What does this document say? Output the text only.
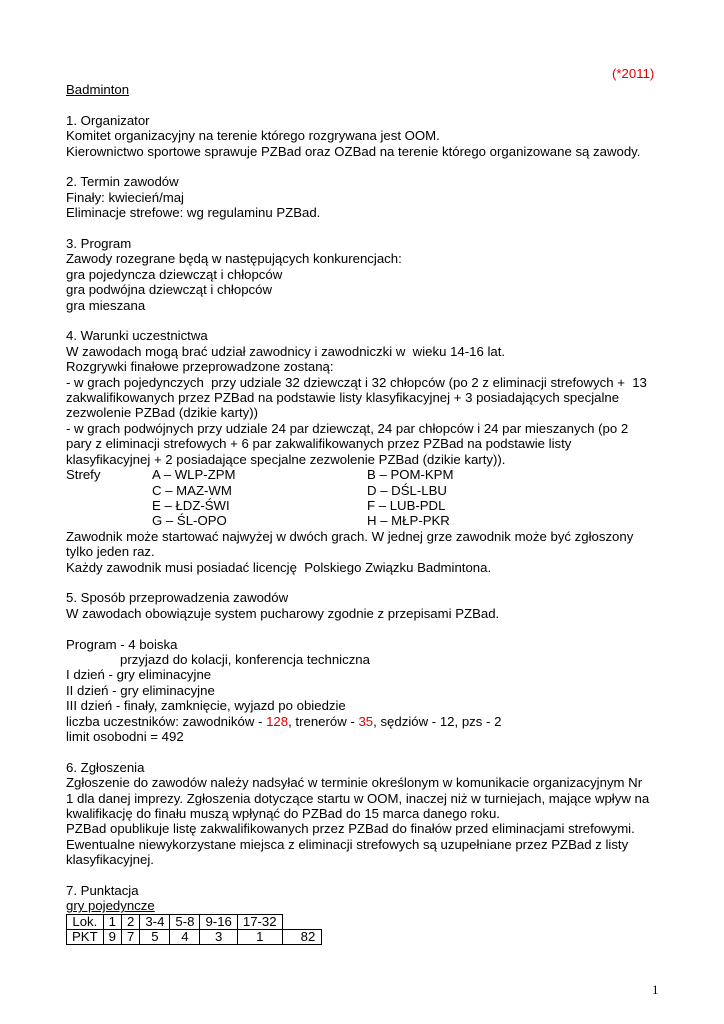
(*2011)
Badminton
1. Organizator
Komitet organizacyjny na terenie którego rozgrywana jest OOM.
Kierownictwo sportowe sprawuje PZBad oraz OZBad na terenie którego organizowane są zawody.
2. Termin zawodów
Finały: kwiecień/maj
Eliminacje strefowe: wg regulaminu PZBad.
3. Program
Zawody rozegrane będą w następujących konkurencjach:
gra pojedyncza dziewcząt i chłopców
gra podwójna dziewcząt i chłopców
gra mieszana
4. Warunki uczestnictwa
W zawodach mogą brać udział zawodnicy i zawodniczki w  wieku 14-16 lat.
Rozgrywki finałowe przeprowadzone zostaną:
- w grach pojedynczych  przy udziale 32 dziewcząt i 32 chłopców (po 2 z eliminacji strefowych +  13
zakwalifikowanych przez PZBad na podstawie listy klasyfikacyjnej + 3 posiadających specjalne
zezwolenie PZBad (dzikie karty))
- w grach podwójnych przy udziale 24 par dziewcząt, 24 par chłopców i 24 par mieszanych (po 2
pary z eliminacji strefowych + 6 par zakwalifikowanych przez PZBad na podstawie listy
klasyfikacyjnej + 2 posiadające specjalne zezwolenie PZBad (dzikie karty)).
Strefy	A – WLP-ZPM	B – POM-KPM
C – MAZ-WM	D – DŚL-LBU
E – ŁDZ-ŚWI	F – LUB-PDL
G – ŚL-OPO	H – MŁP-PKR
Zawodnik może startować najwyżej w dwóch grach. W jednej grze zawodnik może być zgłoszony
tylko jeden raz.
Każdy zawodnik musi posiadać licencję  Polskiego Związku Badmintona.
5. Sposób przeprowadzenia zawodów
W zawodach obowiązuje system pucharowy zgodnie z przepisami PZBad.
Program - 4 boiska
przyjazd do kolacji, konferencja techniczna
I dzień - gry eliminacyjne
II dzień - gry eliminacyjne
III dzień - finały, zamknięcie, wyjazd po obiedzie
liczba uczestników: zawodników - 128, trenerów - 35, sędziów - 12, pzs - 2
limit osobodni = 492
6. Zgłoszenia
Zgłoszenie do zawodów należy nadsyłać w terminie określonym w komunikacie organizacyjnym Nr
1 dla danej imprezy. Zgłoszenia dotyczące startu w OOM, inaczej niż w turniejach, mające wpływ na
kwalifikację do finału muszą wpłynąć do PZBad do 15 marca danego roku.
PZBad opublikuje listę zakwalifikowanych przez PZBad do finałów przed eliminacjami strefowymi.
Ewentualne niewykorzystane miejsca z eliminacji strefowych są uzupełniane przez PZBad z listy
klasyfikacyjnej.
7. Punktacja
gry pojedyncze
Lok.	1	2	3-4	5-8	9-16	17-32	
PKT	9	7	5	4	3	1	82
1
